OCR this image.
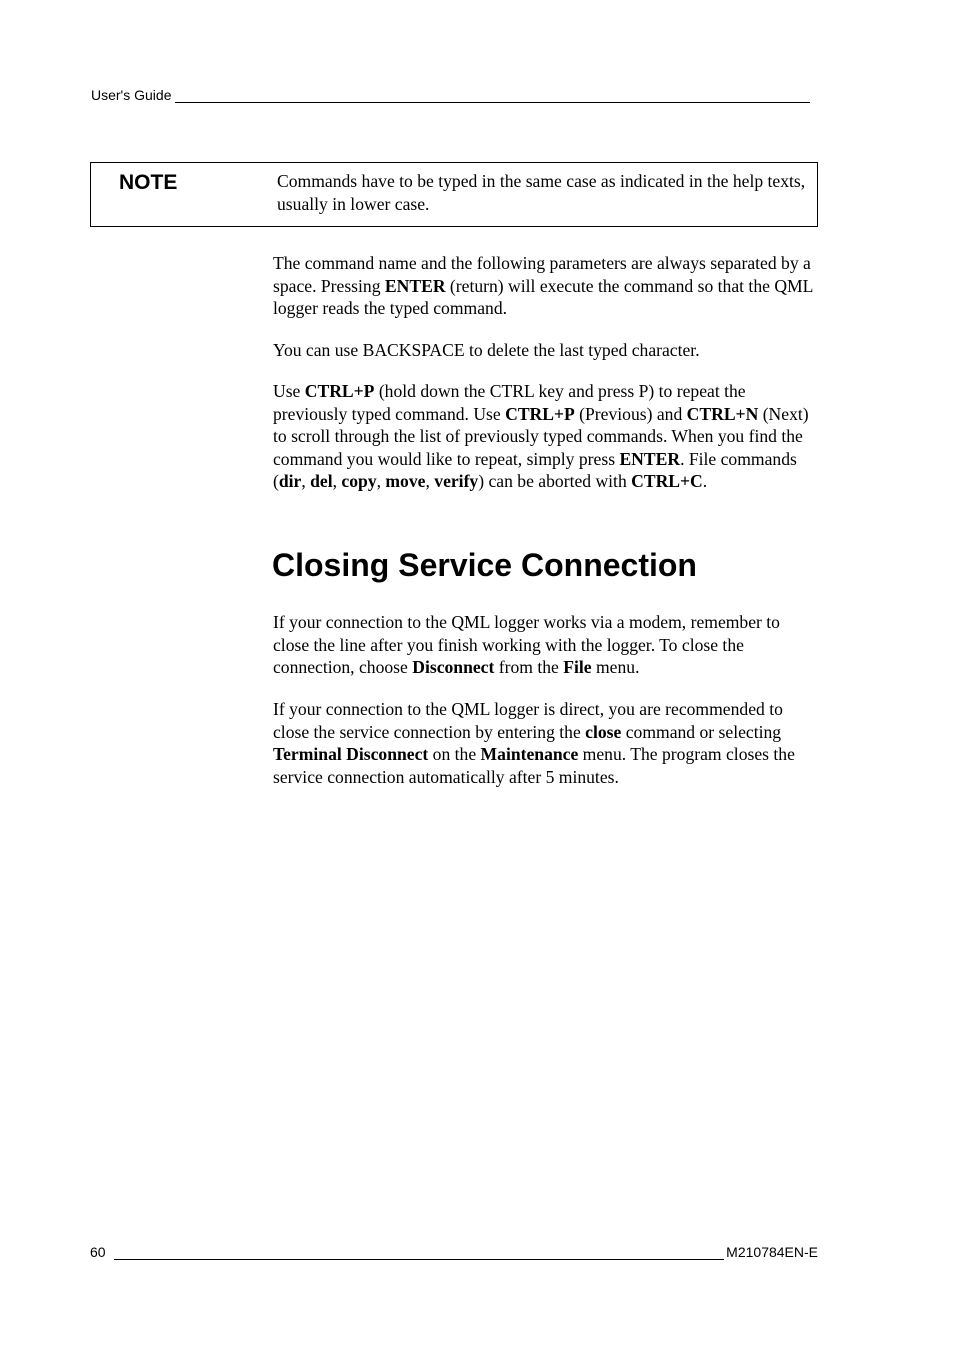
User's Guide
NOTE	Commands have to be typed in the same case as indicated in the help texts, usually in lower case.

The command name and the following parameters are always separated by a space. Pressing ENTER (return) will execute the command so that the QML logger reads the typed command.

You can use BACKSPACE to delete the last typed character.

Use CTRL+P (hold down the CTRL key and press P) to repeat the previously typed command. Use CTRL+P (Previous) and CTRL+N (Next) to scroll through the list of previously typed commands. When you find the command you would like to repeat, simply press ENTER. File commands (dir, del, copy, move, verify) can be aborted with CTRL+C.

Closing Service Connection

If your connection to the QML logger works via a modem, remember to close the line after you finish working with the logger. To close the connection, choose Disconnect from the File menu.

If your connection to the QML logger is direct, you are recommended to close the service connection by entering the close command or selecting Terminal Disconnect on the Maintenance menu. The program closes the service connection automatically after 5 minutes.

60	M210784EN-E
